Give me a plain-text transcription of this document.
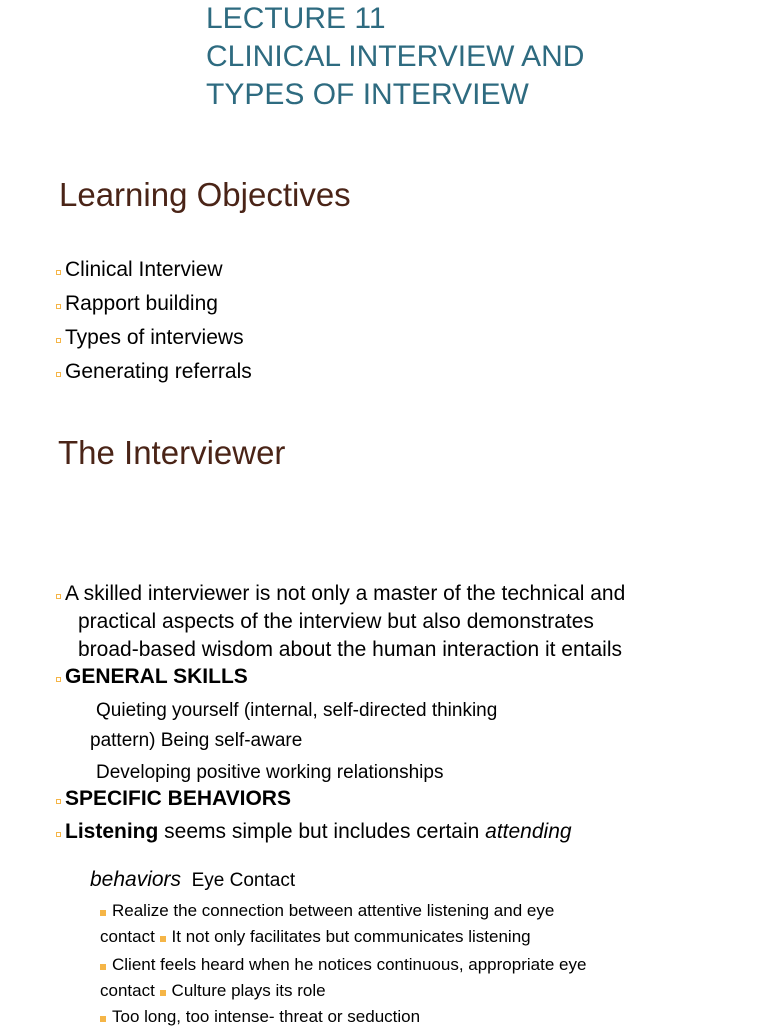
LECTURE 11
CLINICAL INTERVIEW AND
TYPES OF INTERVIEW
Learning Objectives
Clinical Interview
Rapport building
Types of interviews
Generating referrals
The Interviewer
A skilled interviewer is not only a master of the technical and
practical aspects of the interview but also demonstrates
broad-based wisdom about the human interaction it entails
GENERAL SKILLS
Quieting yourself (internal, self-directed thinking
pattern) Being self-aware
Developing positive working relationships
SPECIFIC BEHAVIORS
Listening seems simple but includes certain attending
behaviors  Eye Contact
Realize the connection between attentive listening and eye
contact It not only facilitates but communicates listening
Client feels heard when he notices continuous, appropriate eye
contact Culture plays its role
Too long, too intense- threat or seduction
